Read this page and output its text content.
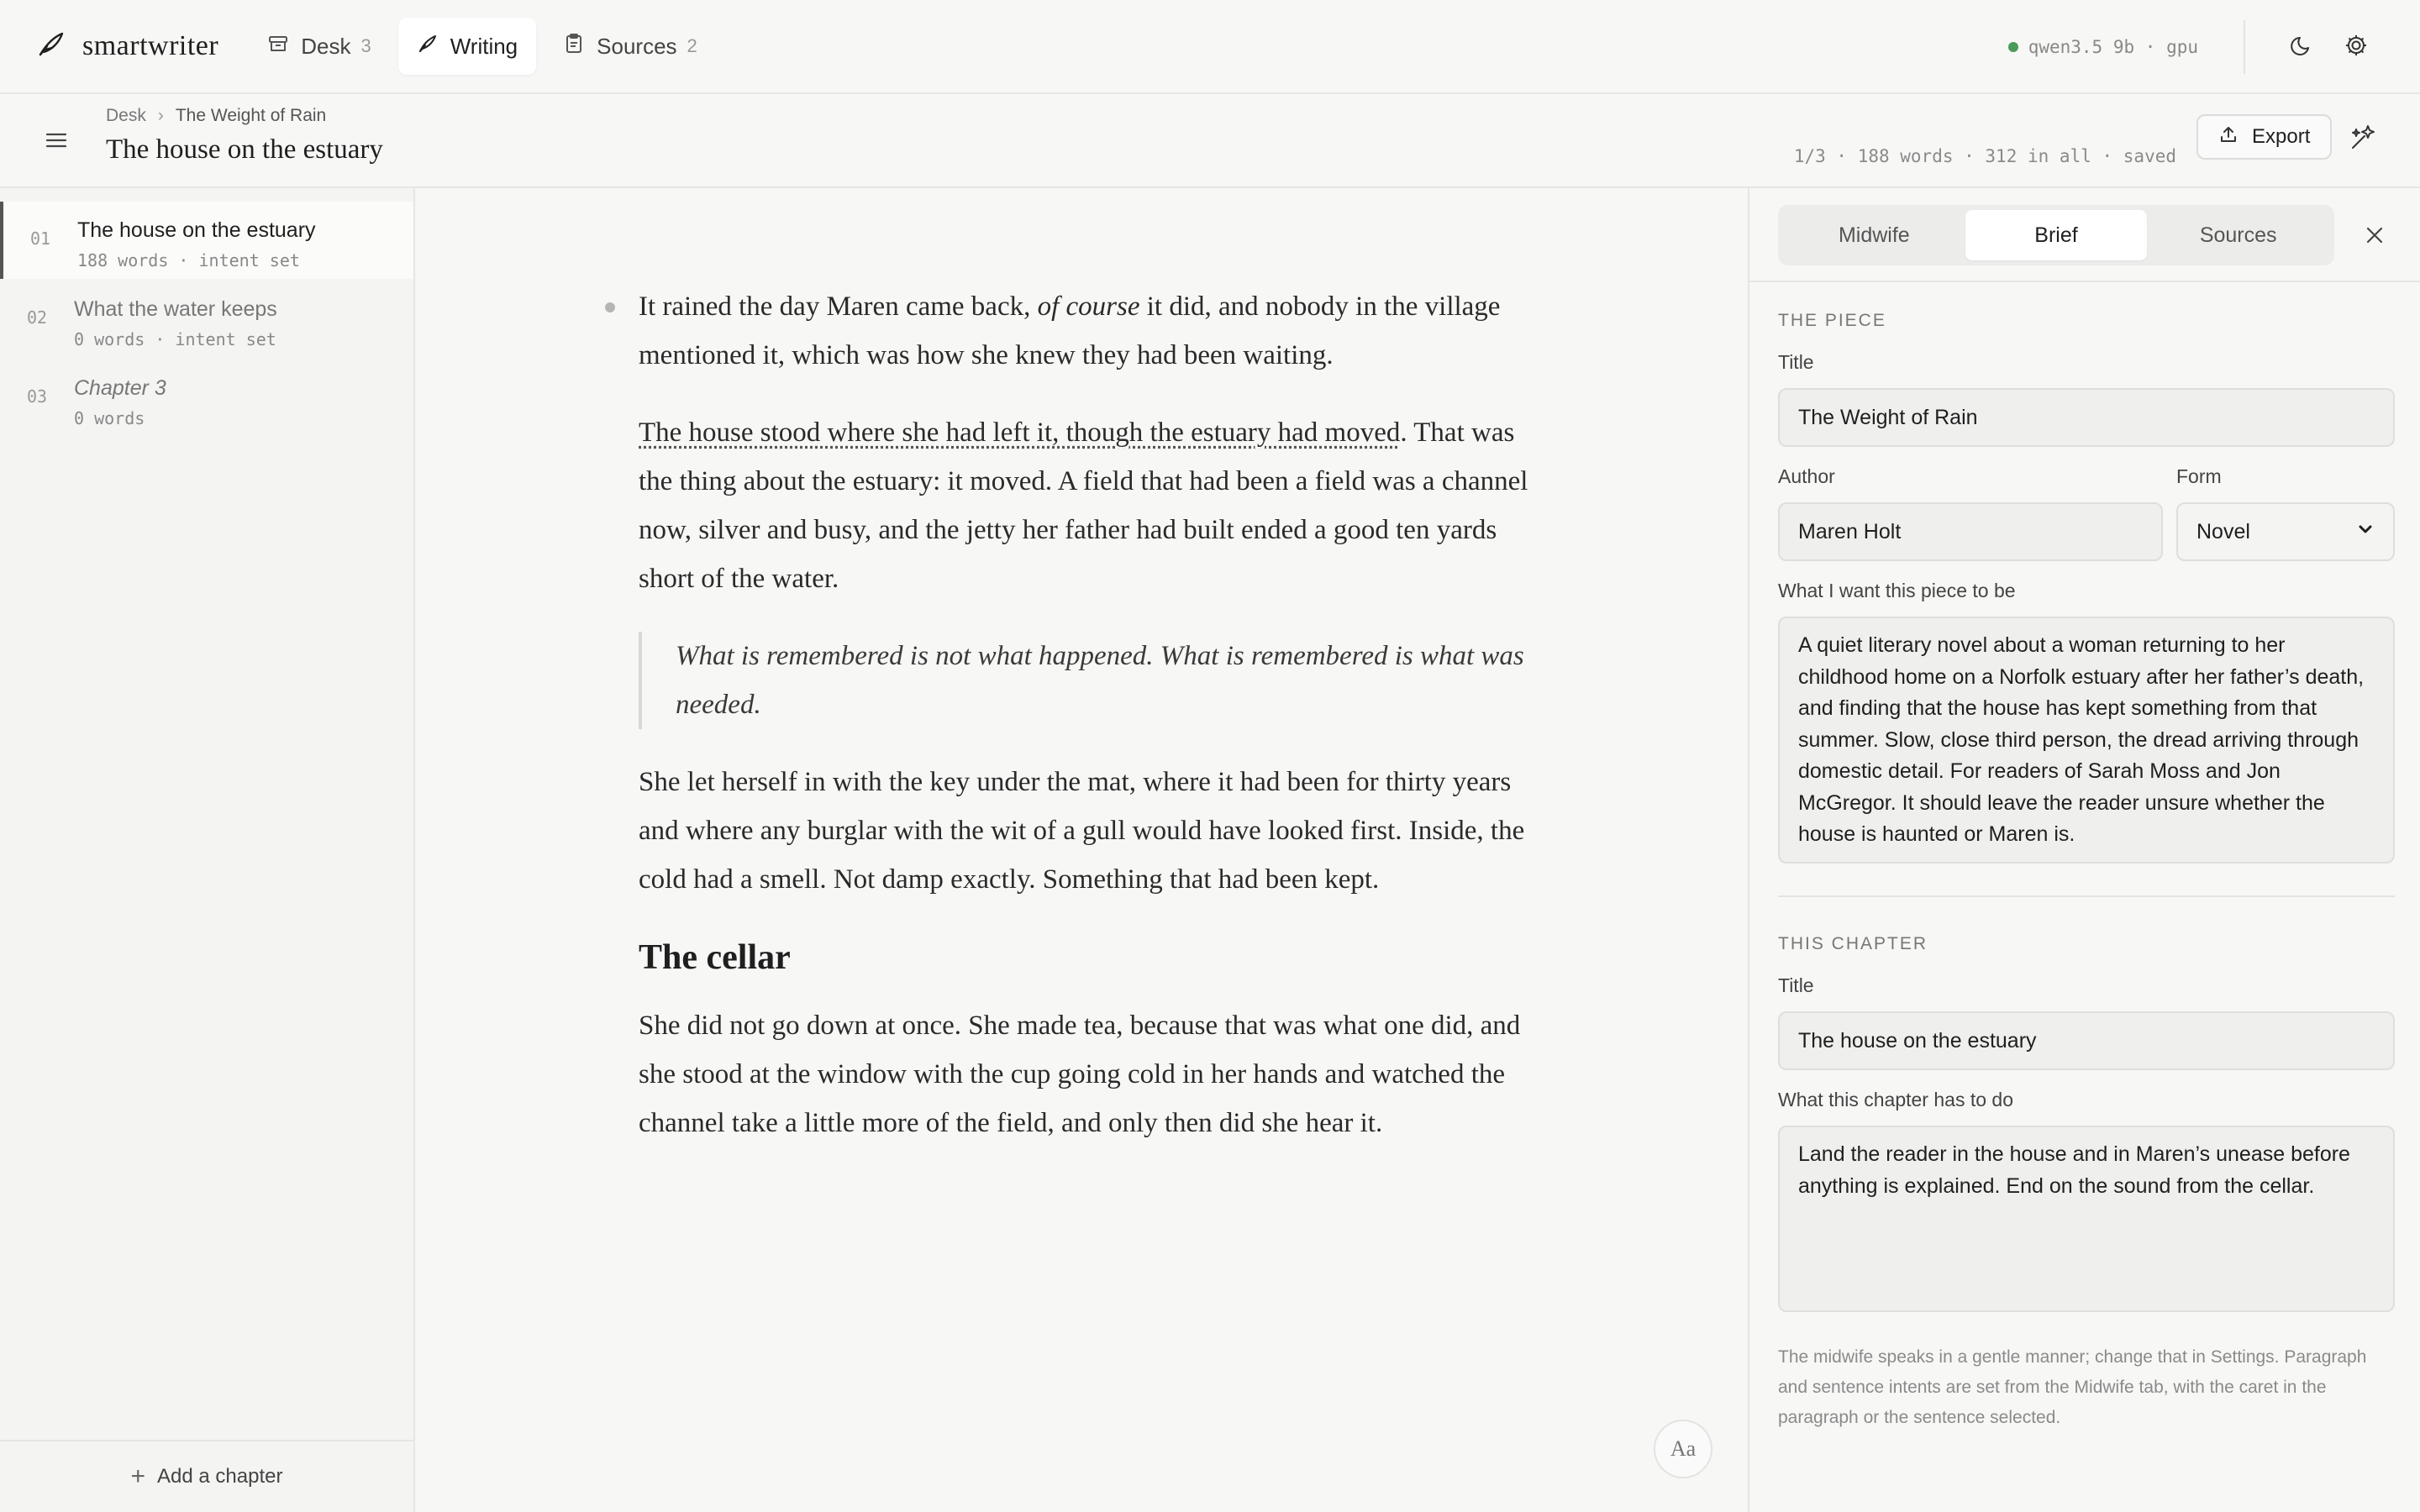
smartwriter	Desk 3	Writing	Sources 2	qwen3.5 9b · gpu
Desk › The Weight of Rain
The house on the estuary	1/3 · 188 words · 312 in all · saved
Export
01 The house on the estuary
188 words · intent set
02 What the water keeps
0 words · intent set
03 Chapter 3
0 words
+ Add a chapter

It rained the day Maren came back, of course it did, and nobody in the village mentioned it, which was how she knew they had been waiting.

The house stood where she had left it, though the estuary had moved. That was the thing about the estuary: it moved. A field that had been a field was a channel now, silver and busy, and the jetty her father had built ended a good ten yards short of the water.

What is remembered is not what happened. What is remembered is what was needed.

She let herself in with the key under the mat, where it had been for thirty years and where any burglar with the wit of a gull would have looked first. Inside, the cold had a smell. Not damp exactly. Something that had been kept.

The cellar

She did not go down at once. She made tea, because that was what one did, and she stood at the window with the cup going cold in her hands and watched the channel take a little more of the field, and only then did she hear it.

Aa
Midwife	Brief	Sources
THE PIECE
Title
The Weight of Rain
Author
Maren Holt
Form
Novel
What I want this piece to be
A quiet literary novel about a woman returning to her childhood home on a Norfolk estuary after her father’s death, and finding that the house has kept something from that summer. Slow, close third person, the dread arriving through domestic detail. For readers of Sarah Moss and Jon McGregor. It should leave the reader unsure whether the house is haunted or Maren is.
THIS CHAPTER
Title
The house on the estuary
What this chapter has to do
Land the reader in the house and in Maren’s unease before anything is explained. End on the sound from the cellar.

The midwife speaks in a gentle manner; change that in Settings. Paragraph and sentence intents are set from the Midwife tab, with the caret in the paragraph or the sentence selected.
